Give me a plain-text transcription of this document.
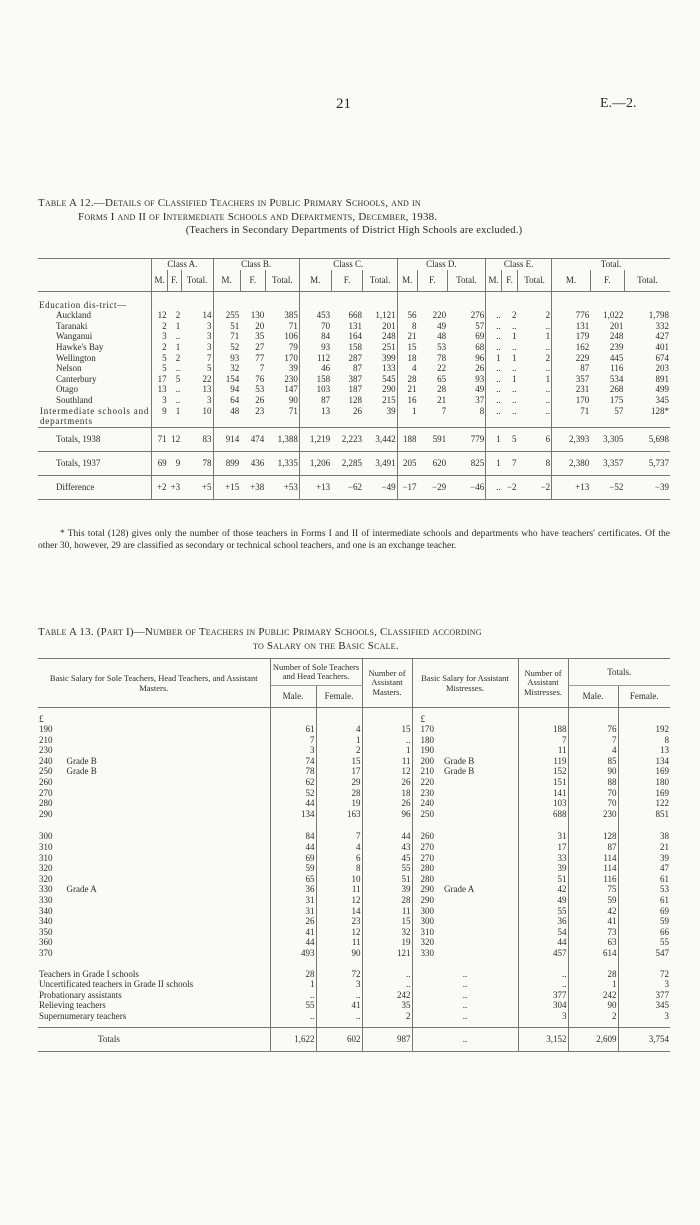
21	E.—2.
Table A 12.—Details of Classified Teachers in Public Primary Schools, and in
Forms I and II of Intermediate Schools and Departments, December, 1938.
(Teachers in Secondary Departments of District High Schools are excluded.)
	Class A.			Class B.			Class C.			Class D.			Class E.			Total.		
	M.	F.	Total.	M.	F.	Total.	M.	F.	Total.	M.	F.	Total.	M.	F.	Total.	M.	F.	Total.

Education dis-trict—																		
Auckland	12	2	14	255	130	385	453	668	1,121	56	220	276	..	2	2	776	1,022	1,798
Taranaki	2	1	3	51	20	71	70	131	201	8	49	57	..	..	..	131	201	332
Wanganui	3	..	3	71	35	106	84	164	248	21	48	69	..	1	1	179	248	427
Hawke's Bay	2	1	3	52	27	79	93	158	251	15	53	68	..	..	..	162	239	401
Wellington	5	2	7	93	77	170	112	287	399	18	78	96	1	1	2	229	445	674
Nelson	5	..	5	32	7	39	46	87	133	4	22	26	..	..	..	87	116	203
Canterbury	17	5	22	154	76	230	158	387	545	28	65	93	..	1	1	357	534	891
Otago	13	..	13	94	53	147	103	187	290	21	28	49	..	..	..	231	268	499
Southland	3	..	3	64	26	90	87	128	215	16	21	37	..	..	..	170	175	345
Intermediate schools and departments	9	1	10	48	23	71	13	26	39	1	7	8	..	..	..	71	57	128*
Totals, 1938	71	12	83	914	474	1,388	1,219	2,223	3,442	188	591	779	1	5	6	2,393	3,305	5,698
Totals, 1937	69	9	78	899	436	1,335	1,206	2,285	3,491	205	620	825	1	7	8	2,380	3,357	5,737
Difference	+2	+3	+5	+15	+38	+53	+13	−62	−49	−17	−29	−46	..	−2	−2	+13	−52	−39
* This total (128) gives only the number of those teachers in Forms I and II of intermediate schools and departments who have teachers' certificates. Of the other 30, however, 29 are classified as secondary or technical school teachers, and one is an exchange teacher.
Table A 13. (Part I)—Number of Teachers in Public Primary Schools, Classified according
to Salary on the Basic Scale.
Basic Salary for Sole Teachers, Head Teachers, and Assistant Masters.	Number of Sole Teachers and Head Teachers.		Number of Assistant Masters.	Basic Salary for Assistant Mistresses.	Number of Assistant Mistresses.	Totals.	
	Male.	Female.				Male.	Female.

£				£			
190	61	4	15	170	188	76	192
210	7	1	..	180	7	7	8
230	3	2	1	190	11	4	13
240 Grade B	74	15	11	200 Grade B	119	85	134
250 Grade B	78	17	12	210 Grade B	152	90	169
260	62	29	26	220	151	88	180
270	52	28	18	230	141	70	169
280	44	19	26	240	103	70	122
290	134	163	96	250	688	230	851

300	84	7	44	260	31	128	38
310	44	4	43	270	17	87	21
310	69	6	45	270	33	114	39
320	59	8	55	280	39	114	47
320	65	10	51	280	51	116	61
330 Grade A	36	11	39	290 Grade A	42	75	53
330	31	12	28	290	49	59	61
340	31	14	11	300	55	42	69
340	26	23	15	300	36	41	59
350	41	12	32	310	54	73	66
360	44	11	19	320	44	63	55
370	493	90	121	330	457	614	547

Teachers in Grade I schools	28	72	..	..	..	28	72
Uncertificated teachers in Grade II schools	1	3	..	..	..	1	3
Probationary assistants	..	..	242	..	377	242	377
Relieving teachers	55	41	35	..	304	90	345
Supernumerary teachers	..	..	2	..	3	2	3

Totals	1,622	602	987	..	3,152	2,609	3,754
